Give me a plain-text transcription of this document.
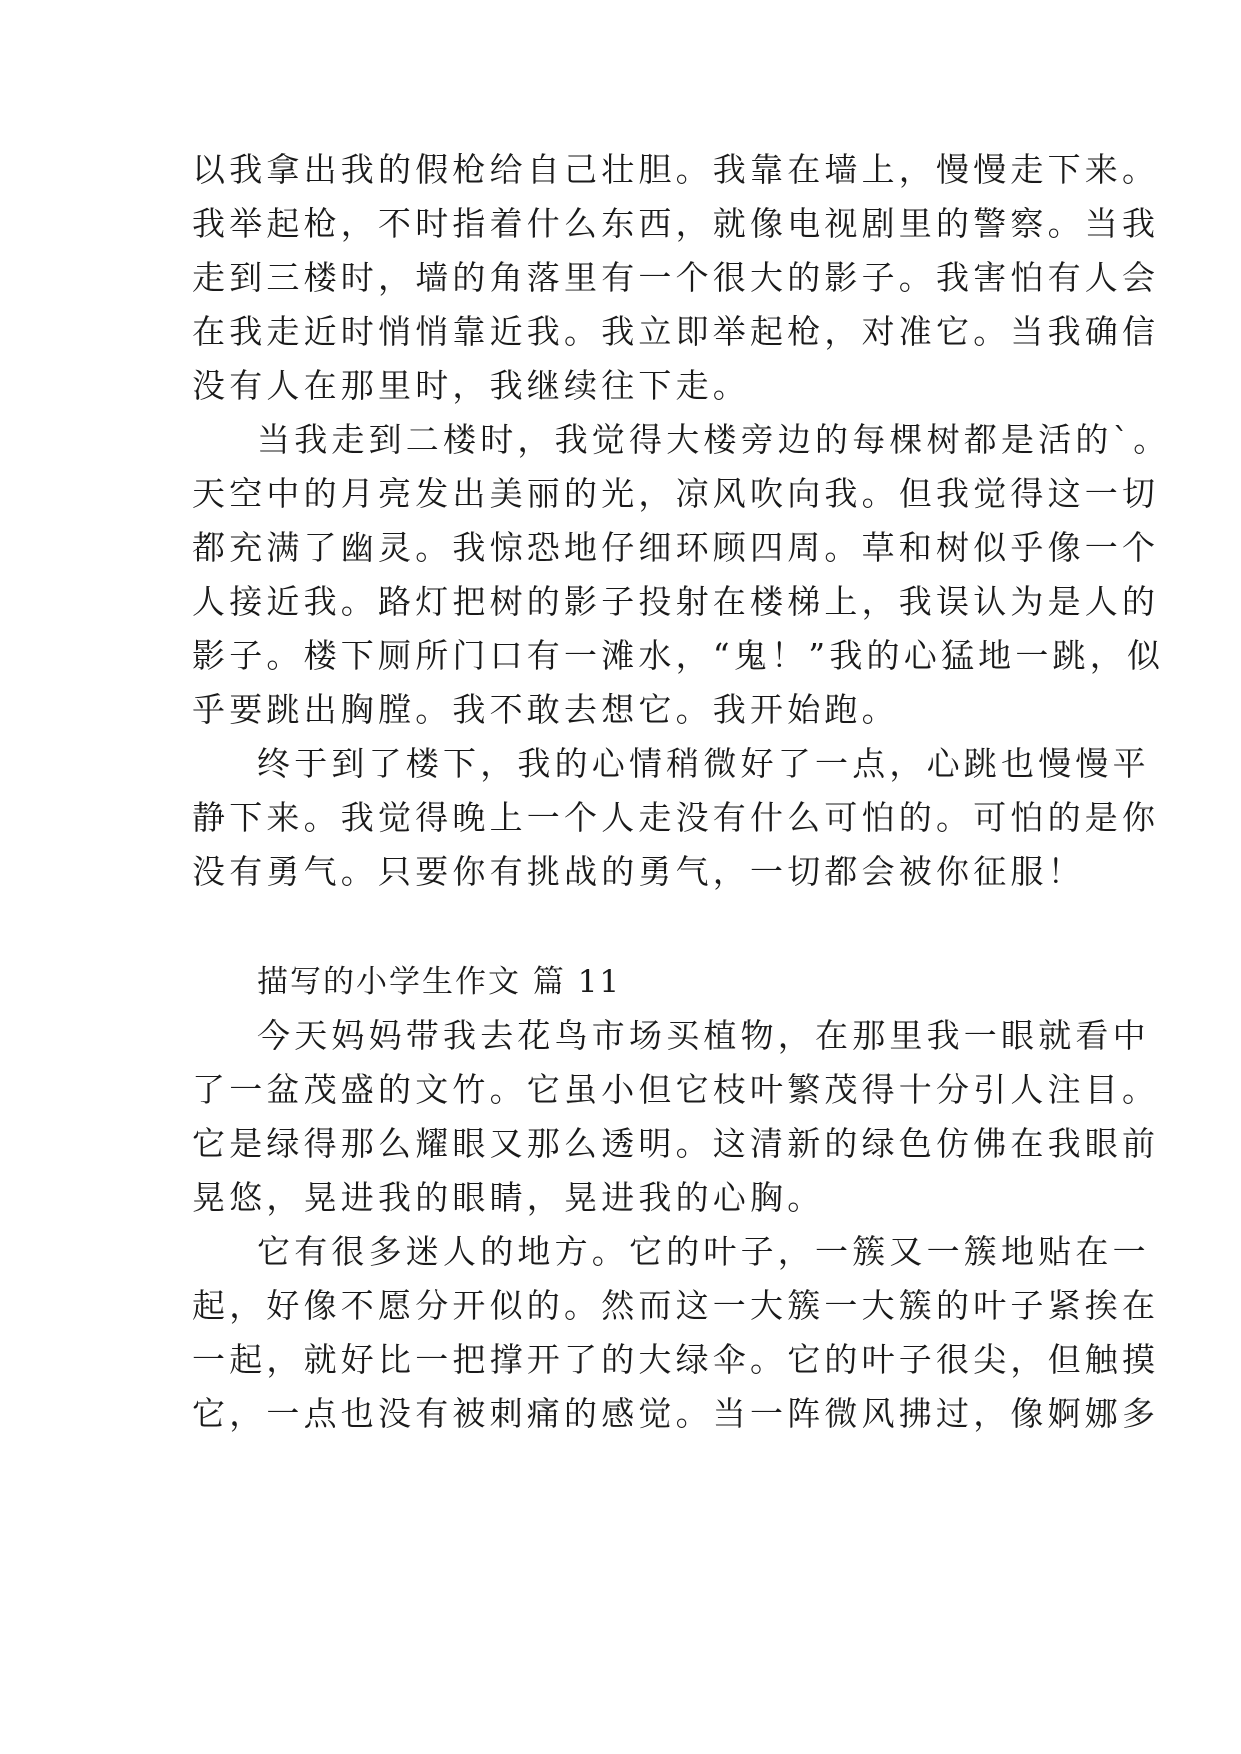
以我拿出我的假枪给自己壮胆。我靠在墙上，慢慢走下来。
我举起枪，不时指着什么东西，就像电视剧里的警察。当我
走到三楼时，墙的角落里有一个很大的影子。我害怕有人会
在我走近时悄悄靠近我。我立即举起枪，对准它。当我确信
没有人在那里时，我继续往下走。
当我走到二楼时，我觉得大楼旁边的每棵树都是活的`。
天空中的月亮发出美丽的光，凉风吹向我。但我觉得这一切
都充满了幽灵。我惊恐地仔细环顾四周。草和树似乎像一个
人接近我。路灯把树的影子投射在楼梯上，我误认为是人的
影子。楼下厕所门口有一滩水，“鬼！”我的心猛地一跳，似
乎要跳出胸膛。我不敢去想它。我开始跑。
终于到了楼下，我的心情稍微好了一点，心跳也慢慢平
静下来。我觉得晚上一个人走没有什么可怕的。可怕的是你
没有勇气。只要你有挑战的勇气，一切都会被你征服！
描写的小学生作文 篇 11
今天妈妈带我去花鸟市场买植物，在那里我一眼就看中
了一盆茂盛的文竹。它虽小但它枝叶繁茂得十分引人注目。
它是绿得那么耀眼又那么透明。这清新的绿色仿佛在我眼前
晃悠，晃进我的眼睛，晃进我的心胸。
它有很多迷人的地方。它的叶子，一簇又一簇地贴在一
起，好像不愿分开似的。然而这一大簇一大簇的叶子紧挨在
一起，就好比一把撑开了的大绿伞。它的叶子很尖，但触摸
它，一点也没有被刺痛的感觉。当一阵微风拂过，像婀娜多
